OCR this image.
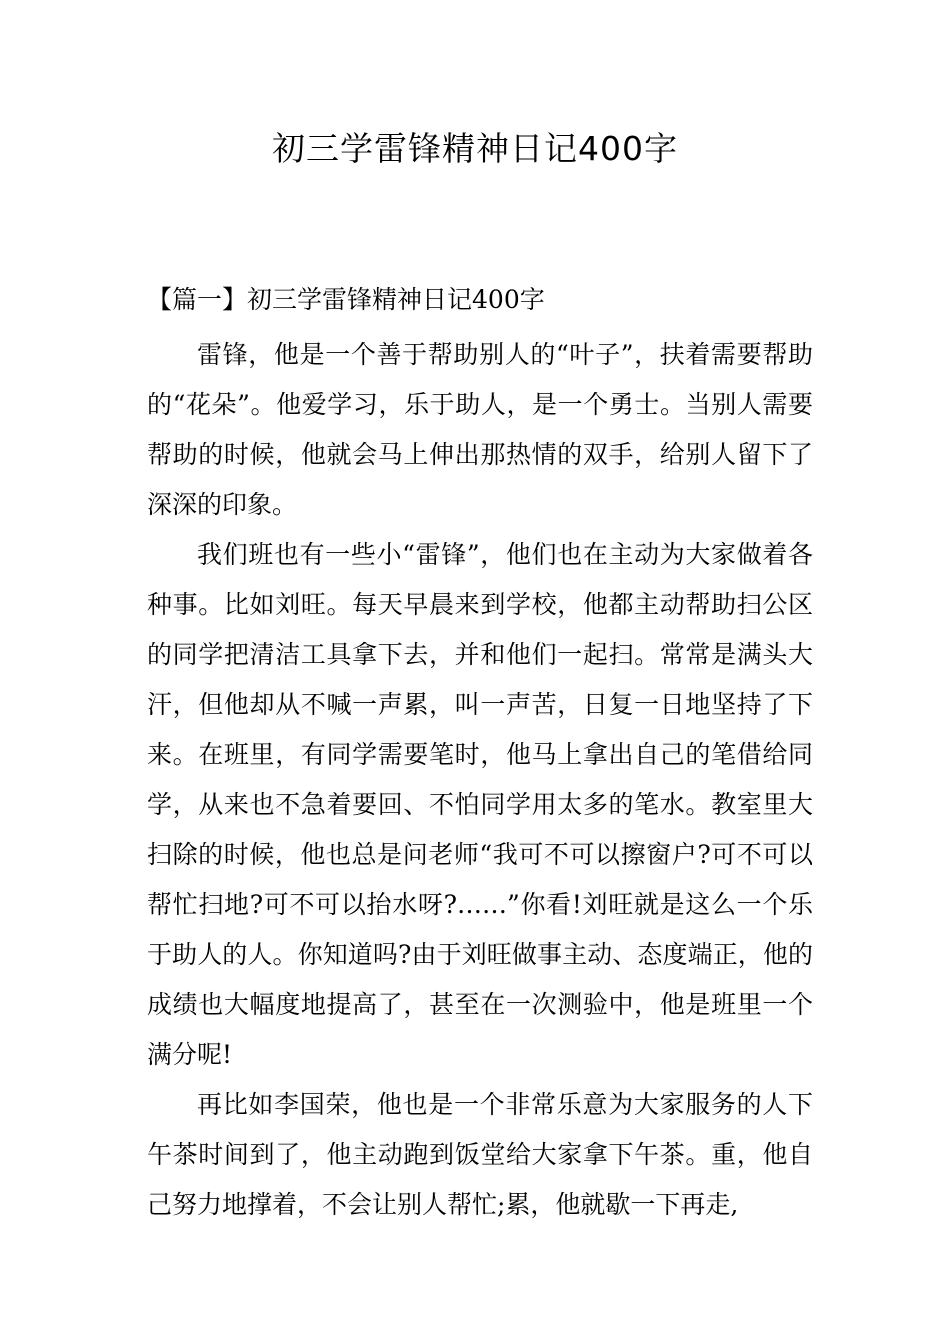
初三学雷锋精神日记400字
【篇一】初三学雷锋精神日记400字

雷锋，他是一个善于帮助别人的“叶子”，扶着需要帮助的“花朵”。他爱学习，乐于助人，是一个勇士。当别人需要帮助的时候，他就会马上伸出那热情的双手，给别人留下了深深的印象。

我们班也有一些小“雷锋”，他们也在主动为大家做着各种事。比如刘旺。每天早晨来到学校，他都主动帮助扫公区的同学把清洁工具拿下去，并和他们一起扫。常常是满头大汗，但他却从不喊一声累，叫一声苦，日复一日地坚持了下来。在班里，有同学需要笔时，他马上拿出自己的笔借给同学，从来也不急着要回、不怕同学用太多的笔水。教室里大扫除的时候，他也总是问老师“我可不可以擦窗户?可不可以帮忙扫地?可不可以抬水呀?……”你看!刘旺就是这么一个乐于助人的人。你知道吗?由于刘旺做事主动、态度端正，他的成绩也大幅度地提高了，甚至在一次测验中，他是班里一个满分呢!

再比如李国荣，他也是一个非常乐意为大家服务的人下午茶时间到了，他主动跑到饭堂给大家拿下午茶。重，他自己努力地撑着，不会让别人帮忙;累，他就歇一下再走,
